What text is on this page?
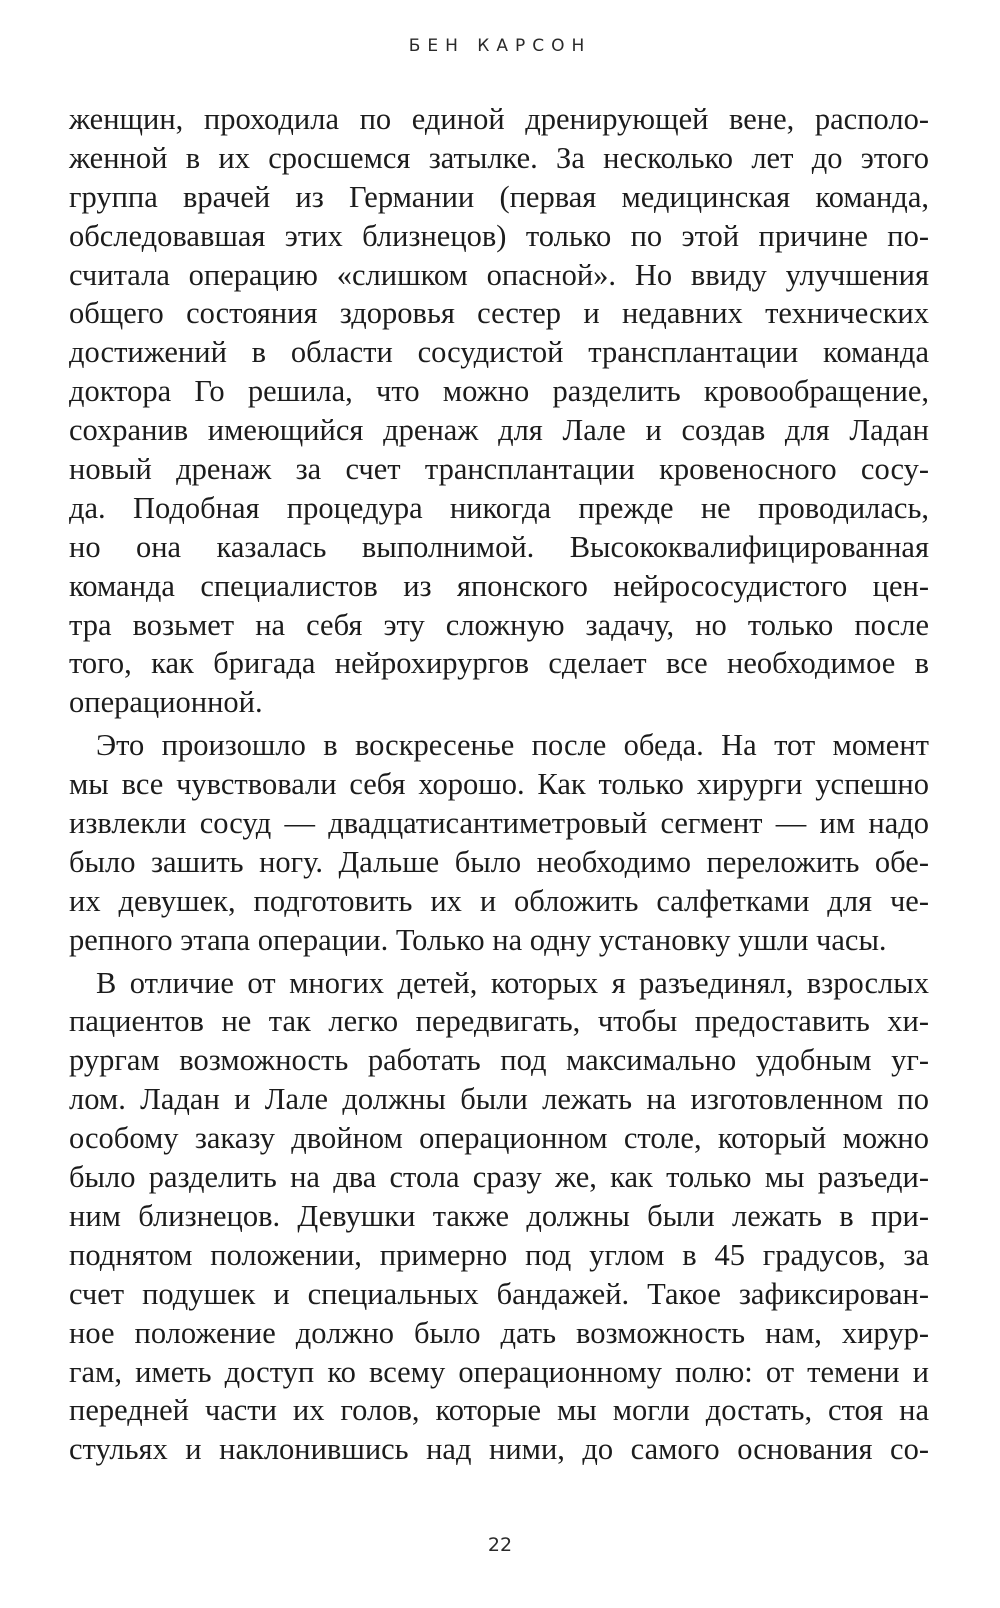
БЕН КАРСОН
женщин, проходила по единой дренирующей вене, располо-
женной в их сросшемся затылке. За несколько лет до этого
группа врачей из Германии (первая медицинская команда,
обследовавшая этих близнецов) только по этой причине по-
считала операцию «слишком опасной». Но ввиду улучшения
общего состояния здоровья сестер и недавних технических
достижений в области сосудистой трансплантации команда
доктора Го решила, что можно разделить кровообращение,
сохранив имеющийся дренаж для Лале и создав для Ладан
новый дренаж за счет трансплантации кровеносного сосу-
да. Подобная процедура никогда прежде не проводилась,
но она казалась выполнимой. Высококвалифицированная
команда специалистов из японского нейрососудистого цен-
тра возьмет на себя эту сложную задачу, но только после
того, как бригада нейрохирургов сделает все необходимое в
операционной.
Это произошло в воскресенье после обеда. На тот момент
мы все чувствовали себя хорошо. Как только хирурги успешно
извлекли сосуд — двадцатисантиметровый сегмент — им надо
было зашить ногу. Дальше было необходимо переложить обе-
их девушек, подготовить их и обложить салфетками для че-
репного этапа операции. Только на одну установку ушли часы.
В отличие от многих детей, которых я разъединял, взрослых
пациентов не так легко передвигать, чтобы предоставить хи-
рургам возможность работать под максимально удобным уг-
лом. Ладан и Лале должны были лежать на изготовленном по
особому заказу двойном операционном столе, который можно
было разделить на два стола сразу же, как только мы разъеди-
ним близнецов. Девушки также должны были лежать в при-
поднятом положении, примерно под углом в 45 градусов, за
счет подушек и специальных бандажей. Такое зафиксирован-
ное положение должно было дать возможность нам, хирур-
гам, иметь доступ ко всему операционному полю: от темени и
передней части их голов, которые мы могли достать, стоя на
стульях и наклонившись над ними, до самого основания со-
22
